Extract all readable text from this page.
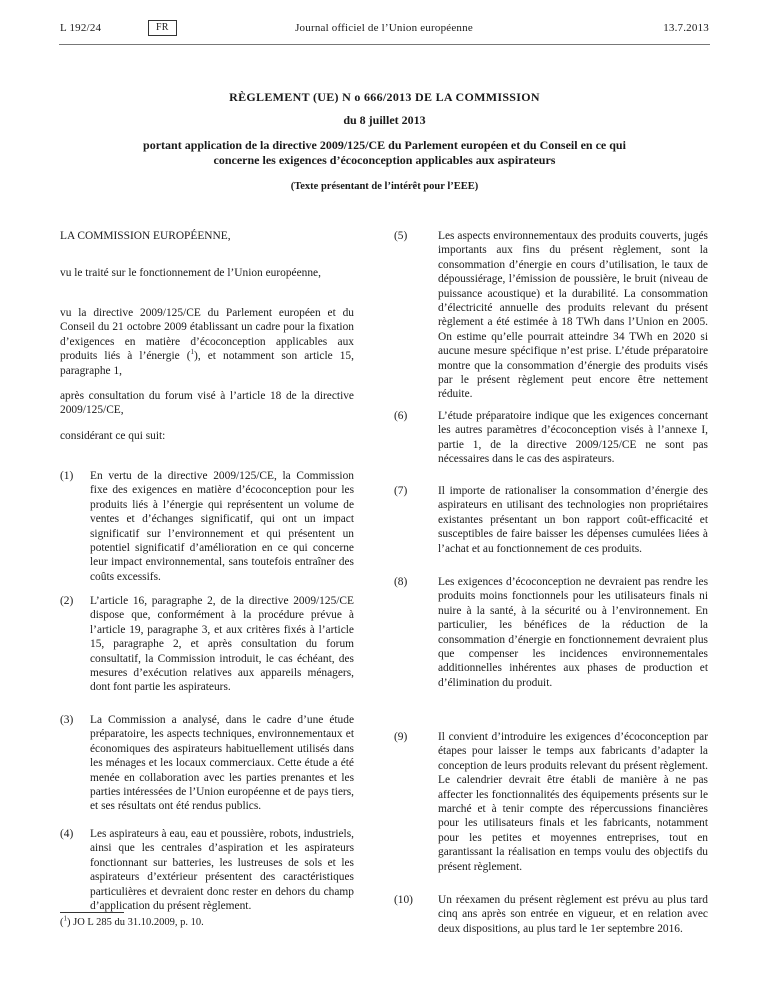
L 192/24	FR	Journal officiel de l’Union européenne	13.7.2013
RÈGLEMENT (UE) N o 666/2013 DE LA COMMISSION
du 8 juillet 2013
portant application de la directive 2009/125/CE du Parlement européen et du Conseil en ce qui
concerne les exigences d’écoconception applicables aux aspirateurs
(Texte présentant de l’intérêt pour l’EEE)
LA COMMISSION EUROPÉENNE,
vu le traité sur le fonctionnement de l’Union européenne,
vu la directive 2009/125/CE du Parlement européen et du Conseil du 21 octobre 2009 établissant un cadre pour la fixation d’exigences en matière d’écoconception applicables aux produits liés à l’énergie ($^1$), et notamment son article 15, paragraphe 1,
après consultation du forum visé à l’article 18 de la directive 2009/125/CE,
considérant ce qui suit:
(1)	En vertu de la directive 2009/125/CE, la Commission fixe des exigences en matière d’écoconception pour les produits liés à l’énergie qui représentent un volume de ventes et d’échanges significatif, qui ont un impact significatif sur l’environnement et qui présentent un potentiel significatif d’amélioration en ce qui concerne leur impact environnemental, sans toutefois entraîner des coûts excessifs.
(2)	L’article 16, paragraphe 2, de la directive 2009/125/CE dispose que, conformément à la procédure prévue à l’article 19, paragraphe 3, et aux critères fixés à l’article 15, paragraphe 2, et après consultation du forum consultatif, la Commission introduit, le cas échéant, des mesures d’exécution relatives aux appareils ménagers, dont font partie les aspirateurs.
(3)	La Commission a analysé, dans le cadre d’une étude préparatoire, les aspects techniques, environnementaux et économiques des aspirateurs habituellement utilisés dans les ménages et les locaux commerciaux. Cette étude a été menée en collaboration avec les parties prenantes et les parties intéressées de l’Union européenne et de pays tiers, et ses résultats ont été rendus publics.
(4)	Les aspirateurs à eau, eau et poussière, robots, industriels, ainsi que les centrales d’aspiration et les aspirateurs fonctionnant sur batteries, les lustreuses de sols et les aspirateurs d’extérieur présentent des caractéristiques particulières et devraient donc rester en dehors du champ d’application du présent règlement.
($^1$) JO L 285 du 31.10.2009, p. 10.
(5)	Les aspects environnementaux des produits couverts, jugés importants aux fins du présent règlement, sont la consommation d’énergie en cours d’utilisation, le taux de dépoussiérage, l’émission de poussière, le bruit (niveau de puissance acoustique) et la durabilité. La consommation d’électricité annuelle des produits relevant du présent règlement a été estimée à 18 TWh dans l’Union en 2005. On estime qu’elle pourrait atteindre 34 TWh en 2020 si aucune mesure spécifique n’est prise. L’étude préparatoire montre que la consommation d’énergie des produits visés par le présent règlement peut encore être nettement réduite.
(6)	L’étude préparatoire indique que les exigences concernant les autres paramètres d’écoconception visés à l’annexe I, partie 1, de la directive 2009/125/CE ne sont pas nécessaires dans le cas des aspirateurs.
(7)	Il importe de rationaliser la consommation d’énergie des aspirateurs en utilisant des technologies non propriétaires existantes présentant un bon rapport coût-efficacité et susceptibles de faire baisser les dépenses cumulées liées à l’achat et au fonctionnement de ces produits.
(8)	Les exigences d’écoconception ne devraient pas rendre les produits moins fonctionnels pour les utilisateurs finals ni nuire à la santé, à la sécurité ou à l’environnement. En particulier, les bénéfices de la réduction de la consommation d’énergie en fonctionnement devraient plus que compenser les incidences environnementales additionnelles inhérentes aux phases de production et d’élimination du produit.
(9)	Il convient d’introduire les exigences d’écoconception par étapes pour laisser le temps aux fabricants d’adapter la conception de leurs produits relevant du présent règlement. Le calendrier devrait être établi de manière à ne pas affecter les fonctionnalités des équipements présents sur le marché et à tenir compte des répercussions financières pour les utilisateurs finals et les fabricants, notamment pour les petites et moyennes entreprises, tout en garantissant la réalisation en temps voulu des objectifs du présent règlement.
(10)	Un réexamen du présent règlement est prévu au plus tard cinq ans après son entrée en vigueur, et en relation avec deux dispositions, au plus tard le 1er septembre 2016.
